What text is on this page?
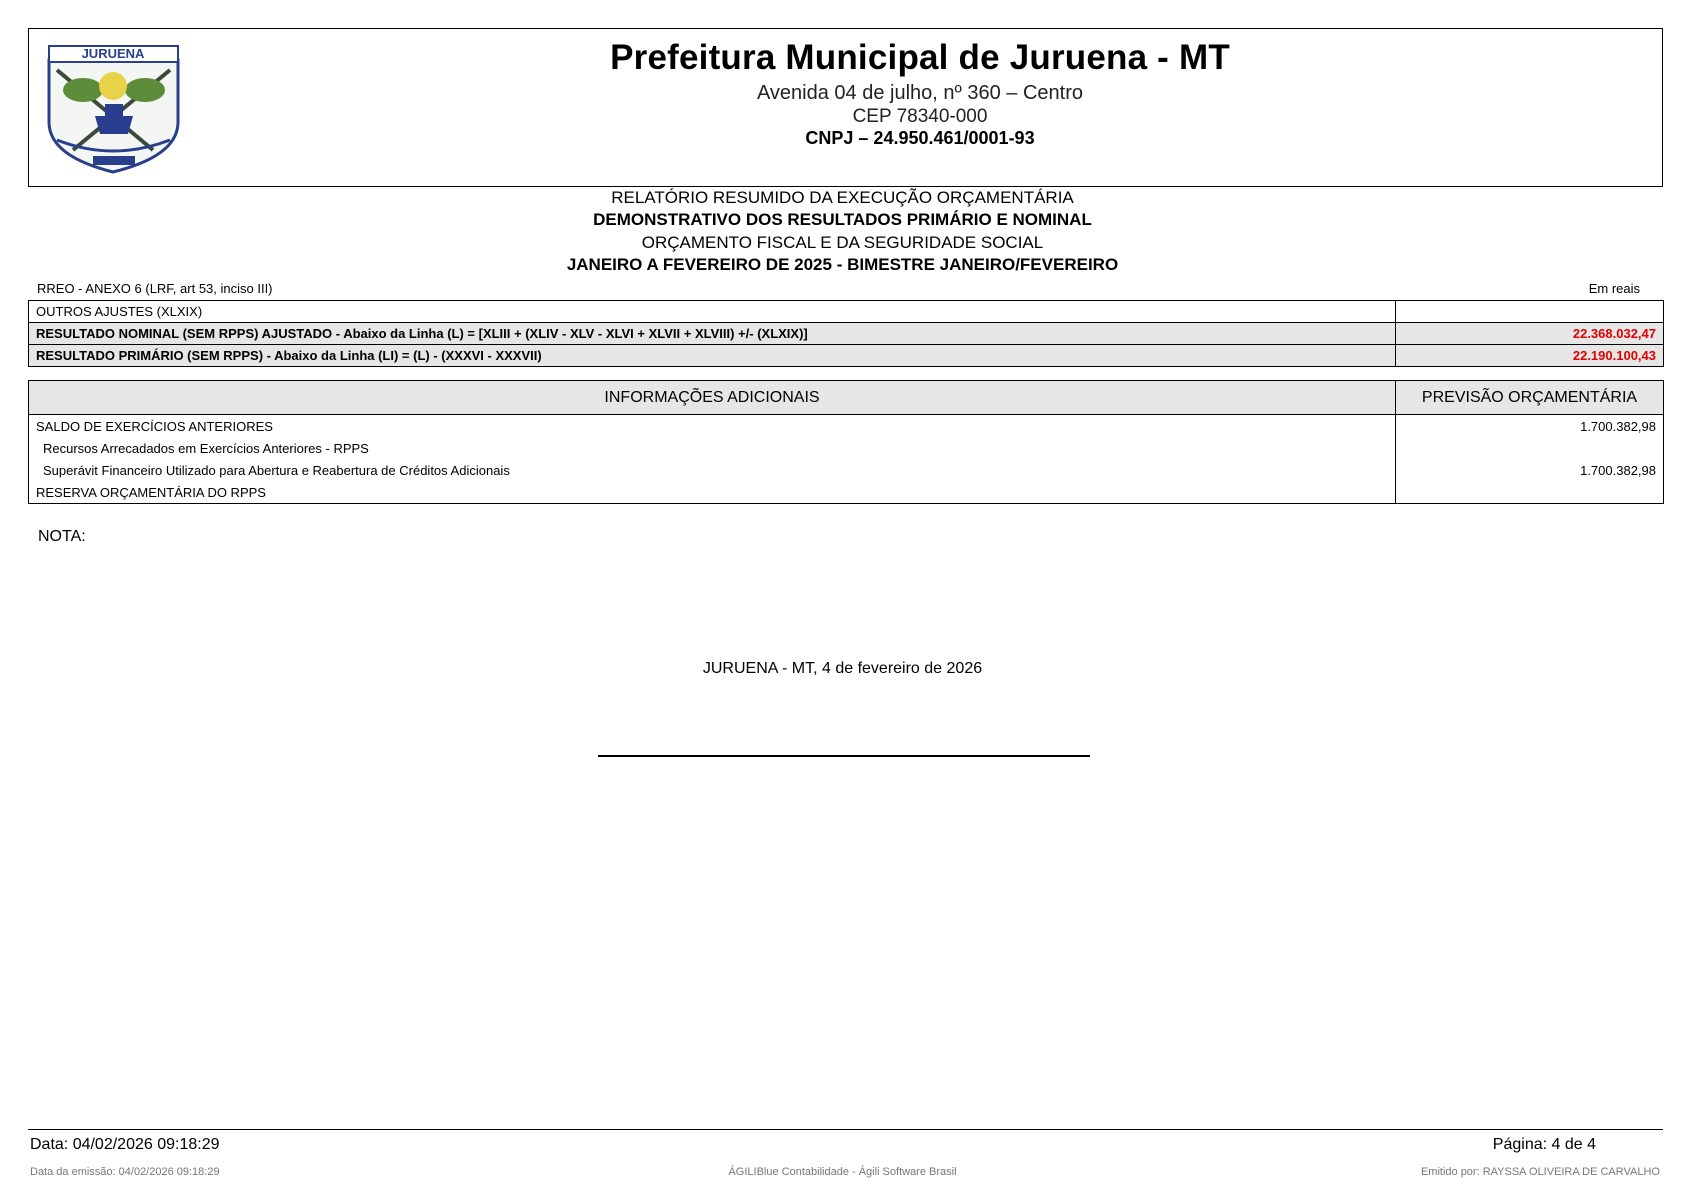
JURUENA	Prefeitura Municipal de Juruena - MT
Avenida 04 de julho, nº 360 – Centro
CEP 78340-000
CNPJ – 24.950.461/0001-93
RELATÓRIO RESUMIDO DA EXECUÇÃO ORÇAMENTÁRIA
DEMONSTRATIVO DOS RESULTADOS PRIMÁRIO E NOMINAL
ORÇAMENTO FISCAL E DA SEGURIDADE SOCIAL
JANEIRO A FEVEREIRO DE 2025 - BIMESTRE JANEIRO/FEVEREIRO
RREO - ANEXO 6 (LRF, art 53, inciso III)	Em reais
OUTROS AJUSTES (XLXIX)	
RESULTADO NOMINAL (SEM RPPS) AJUSTADO - Abaixo da Linha (L) = [XLIII + (XLIV - XLV - XLVI + XLVII + XLVIII) +/- (XLXIX)]	22.368.032,47
RESULTADO PRIMÁRIO (SEM RPPS) - Abaixo da Linha (LI) = (L) - (XXXVI - XXXVII)	22.190.100,43
INFORMAÇÕES ADICIONAIS	PREVISÃO ORÇAMENTÁRIA
SALDO DE EXERCÍCIOS ANTERIORES	1.700.382,98
Recursos Arrecadados em Exercícios Anteriores - RPPS	
Superávit Financeiro Utilizado para Abertura e Reabertura de Créditos Adicionais	1.700.382,98
RESERVA ORÇAMENTÁRIA DO RPPS	
NOTA:
JURUENA - MT, 4 de fevereiro de 2026
Data: 04/02/2026 09:18:29	Página: 4 de 4
Data da emissão: 04/02/2026 09:18:29	ÁGILIBlue Contabilidade - Ágili Software Brasil	Emitido por: RAYSSA OLIVEIRA DE CARVALHO
